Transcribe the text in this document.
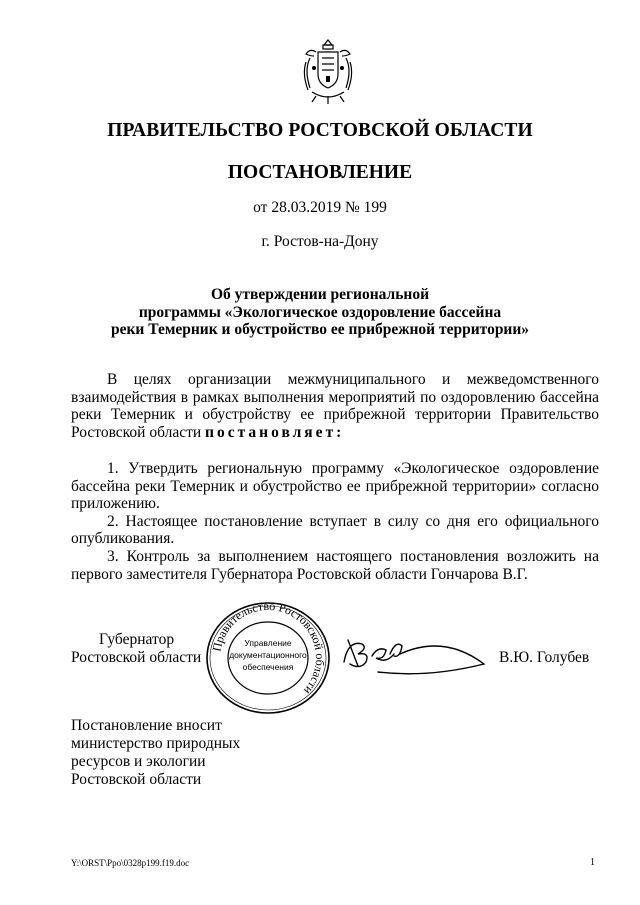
ПРАВИТЕЛЬСТВО РОСТОВСКОЙ ОБЛАСТИ
ПОСТАНОВЛЕНИЕ
от 28.03.2019 № 199
г. Ростов-на-Дону
Об утверждении региональной
программы «Экологическое оздоровление бассейна
реки Темерник и обустройство ее прибрежной территории»
В целях организации межмуниципального и межведомственного взаимодействия в рамках выполнения мероприятий по оздоровлению бассейна реки Темерник и обустройству ее прибрежной территории Правительство Ростовской области постановляет:

1. Утвердить региональную программу «Экологическое оздоровление бассейна реки Темерник и обустройство ее прибрежной территории» согласно приложению.

2. Настоящее постановление вступает в силу со дня его официального опубликования.

3. Контроль за выполнением настоящего постановления возложить на первого заместителя Губернатора Ростовской области Гончарова В.Г.

Губернатор
Ростовской области
Правительство Ростовской области
Управление
документационного
обеспечения
В.Ю. Голубев
Постановление вносит
министерство природных
ресурсов и экологии
Ростовской области
Y:\ORST\Ppo\0328p199.f19.doc	1
